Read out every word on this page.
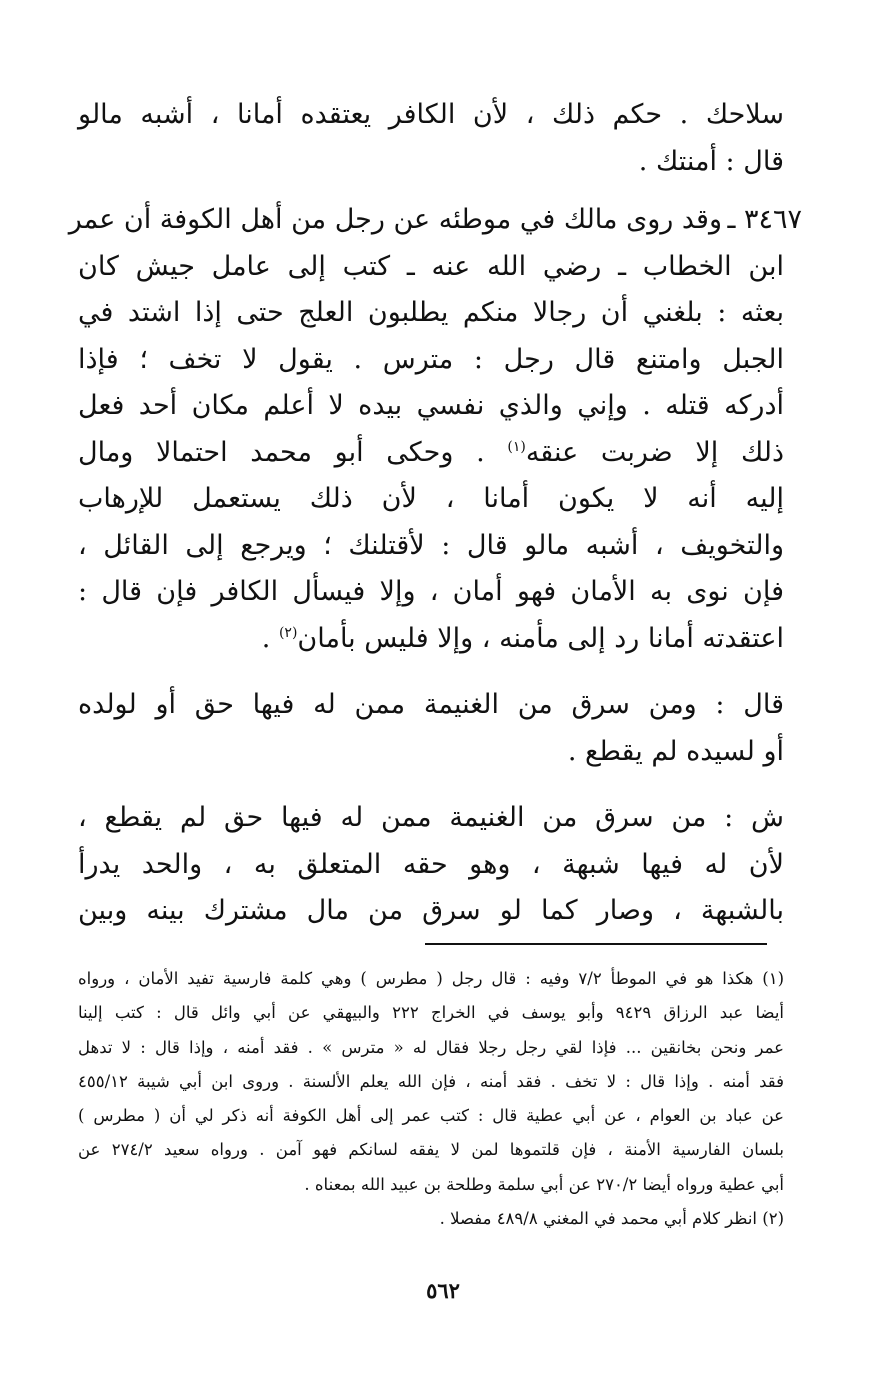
سلاحك . حكم ذلك ، لأن الكافر يعتقده أمانا ، أشبه مالو
قال : أمنتك .
٣٤٦٧ ـ
وقد روى مالك في موطئه عن رجل من أهل الكوفة أن عمر
ابن الخطاب ـ رضي الله عنه ـ كتب إلى عامل جيش كان
بعثه : بلغني أن رجالا منكم يطلبون العلج حتى إذا اشتد في
الجبل وامتنع قال رجل : مترس . يقول لا تخف ؛ فإذا
أدركه قتله . وإني والذي نفسي بيده لا أعلم مكان أحد فعل
ذلك إلا ضربت عنقه$^{(١)}$ . وحكى أبو محمد احتمالا ومال
إليه أنه لا يكون أمانا ، لأن ذلك يستعمل للإرهاب
والتخويف ، أشبه مالو قال : لأقتلنك ؛ ويرجع إلى القائل ،
فإن نوى به الأمان فهو أمان ، وإلا فيسأل الكافر فإن قال :
اعتقدته أمانا رد إلى مأمنه ، وإلا فليس بأمان$^{(٢)}$ .
قال : ومن سرق من الغنيمة ممن له فيها حق أو لولده
أو لسيده لم يقطع .
ش : من سرق من الغنيمة ممن له فيها حق لم يقطع ،
لأن له فيها شبهة ، وهو حقه المتعلق به ، والحد يدرأ
بالشبهة ، وصار كما لو سرق من مال مشترك بينه وبين
(١) هكذا هو في الموطأ ٧/٢ وفيه : قال رجل ( مطرس ) وهي كلمة فارسية تفيد الأمان ، ورواه
أيضا عبد الرزاق ٩٤٢٩ وأبو يوسف في الخراج ٢٢٢ والبيهقي عن أبي وائل قال : كتب إلينا
عمر ونحن بخانقين ... فإذا لقي رجل رجلا فقال له « مترس » . فقد أمنه ، وإذا قال : لا تدهل
فقد أمنه . وإذا قال : لا تخف . فقد أمنه ، فإن الله يعلم الألسنة . وروى ابن أبي شيبة ٤٥٥/١٢
عن عباد بن العوام ، عن أبي عطية قال : كتب عمر إلى أهل الكوفة أنه ذكر لي أن ( مطرس )
بلسان الفارسية الأمنة ، فإن قلتموها لمن لا يفقه لسانكم فهو آمن . ورواه سعيد ٢٧٤/٢ عن
أبي عطية ورواه أيضا ٢٧٠/٢ عن أبي سلمة وطلحة بن عبيد الله بمعناه .
(٢) انظر كلام أبي محمد في المغني ٤٨٩/٨ مفصلا .
٥٦٢
